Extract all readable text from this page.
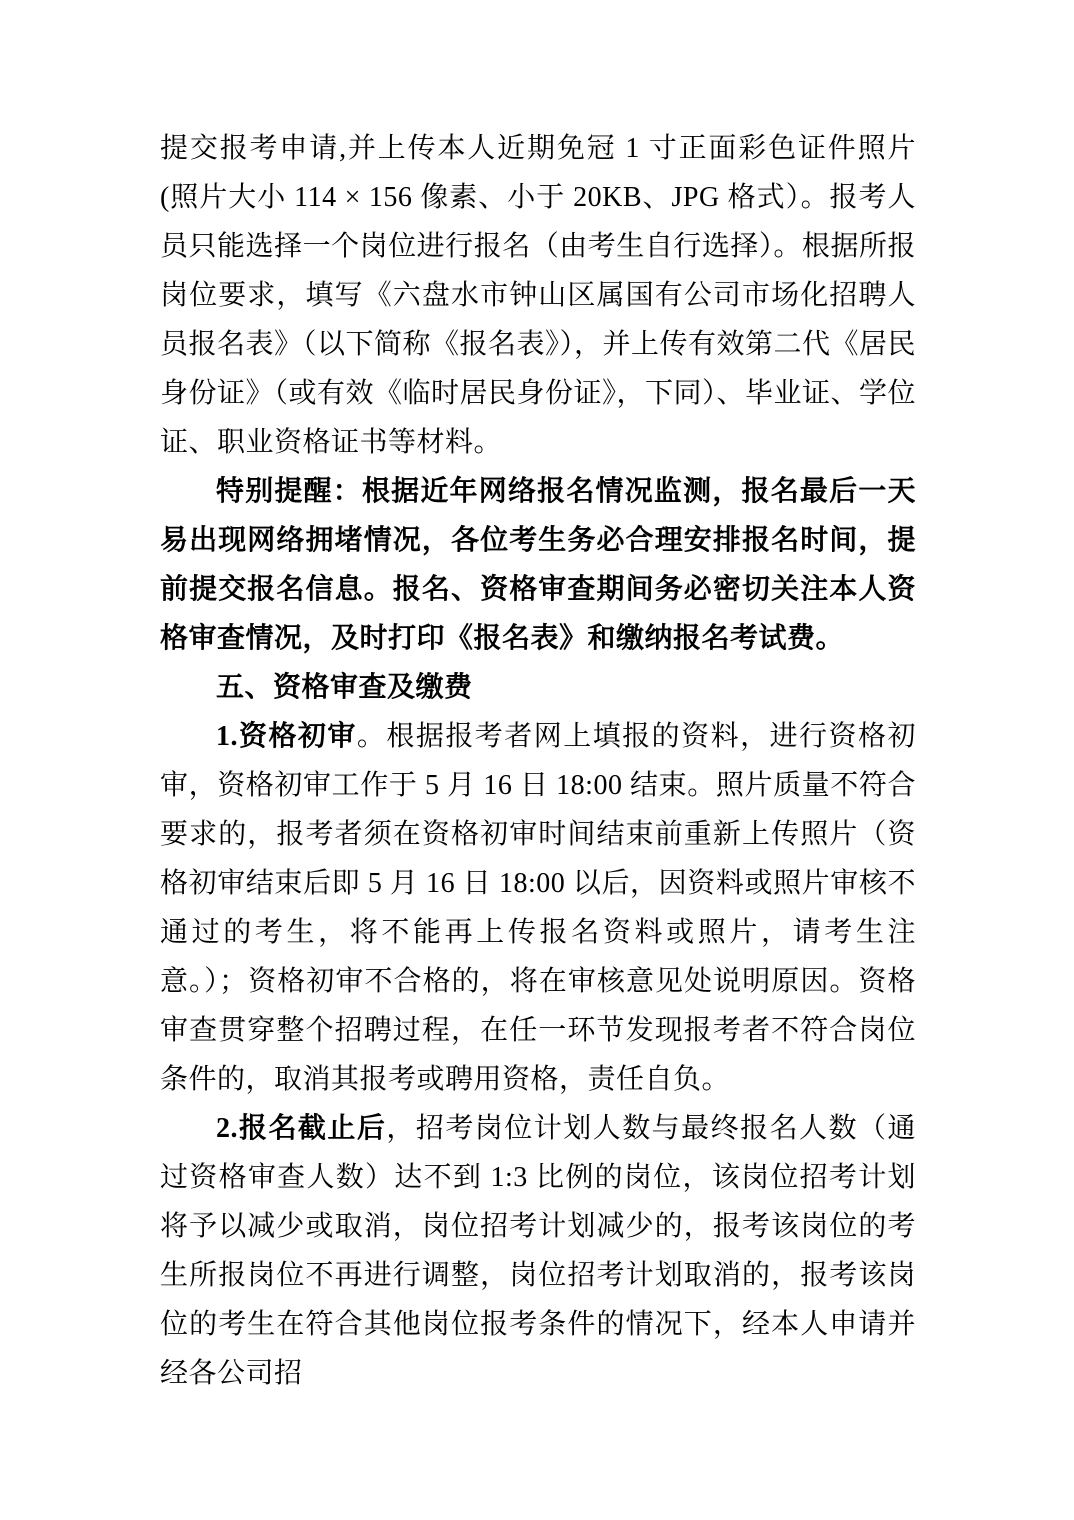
提交报考申请,并上传本人近期免冠 1 寸正面彩色证件照片(照片大小 114 × 156 像素、小于 20KB、JPG 格式）。报考人员只能选择一个岗位进行报名（由考生自行选择）。根据所报岗位要求，填写《六盘水市钟山区属国有公司市场化招聘人员报名表》（以下简称《报名表》），并上传有效第二代《居民身份证》（或有效《临时居民身份证》，下同）、毕业证、学位证、职业资格证书等材料。

特别提醒：根据近年网络报名情况监测，报名最后一天易出现网络拥堵情况，各位考生务必合理安排报名时间，提前提交报名信息。报名、资格审查期间务必密切关注本人资格审查情况，及时打印《报名表》和缴纳报名考试费。

五、资格审查及缴费

1.资格初审。根据报考者网上填报的资料，进行资格初审，资格初审工作于 5 月 16 日 18:00 结束。照片质量不符合要求的，报考者须在资格初审时间结束前重新上传照片（资格初审结束后即 5 月 16 日 18:00 以后，因资料或照片审核不通过的考生，将不能再上传报名资料或照片，请考生注意。）；资格初审不合格的，将在审核意见处说明原因。资格审查贯穿整个招聘过程，在任一环节发现报考者不符合岗位条件的，取消其报考或聘用资格，责任自负。

2.报名截止后，招考岗位计划人数与最终报名人数（通过资格审查人数）达不到 1:3 比例的岗位，该岗位招考计划将予以减少或取消，岗位招考计划减少的，报考该岗位的考生所报岗位不再进行调整，岗位招考计划取消的，报考该岗位的考生在符合其他岗位报考条件的情况下，经本人申请并经各公司招
